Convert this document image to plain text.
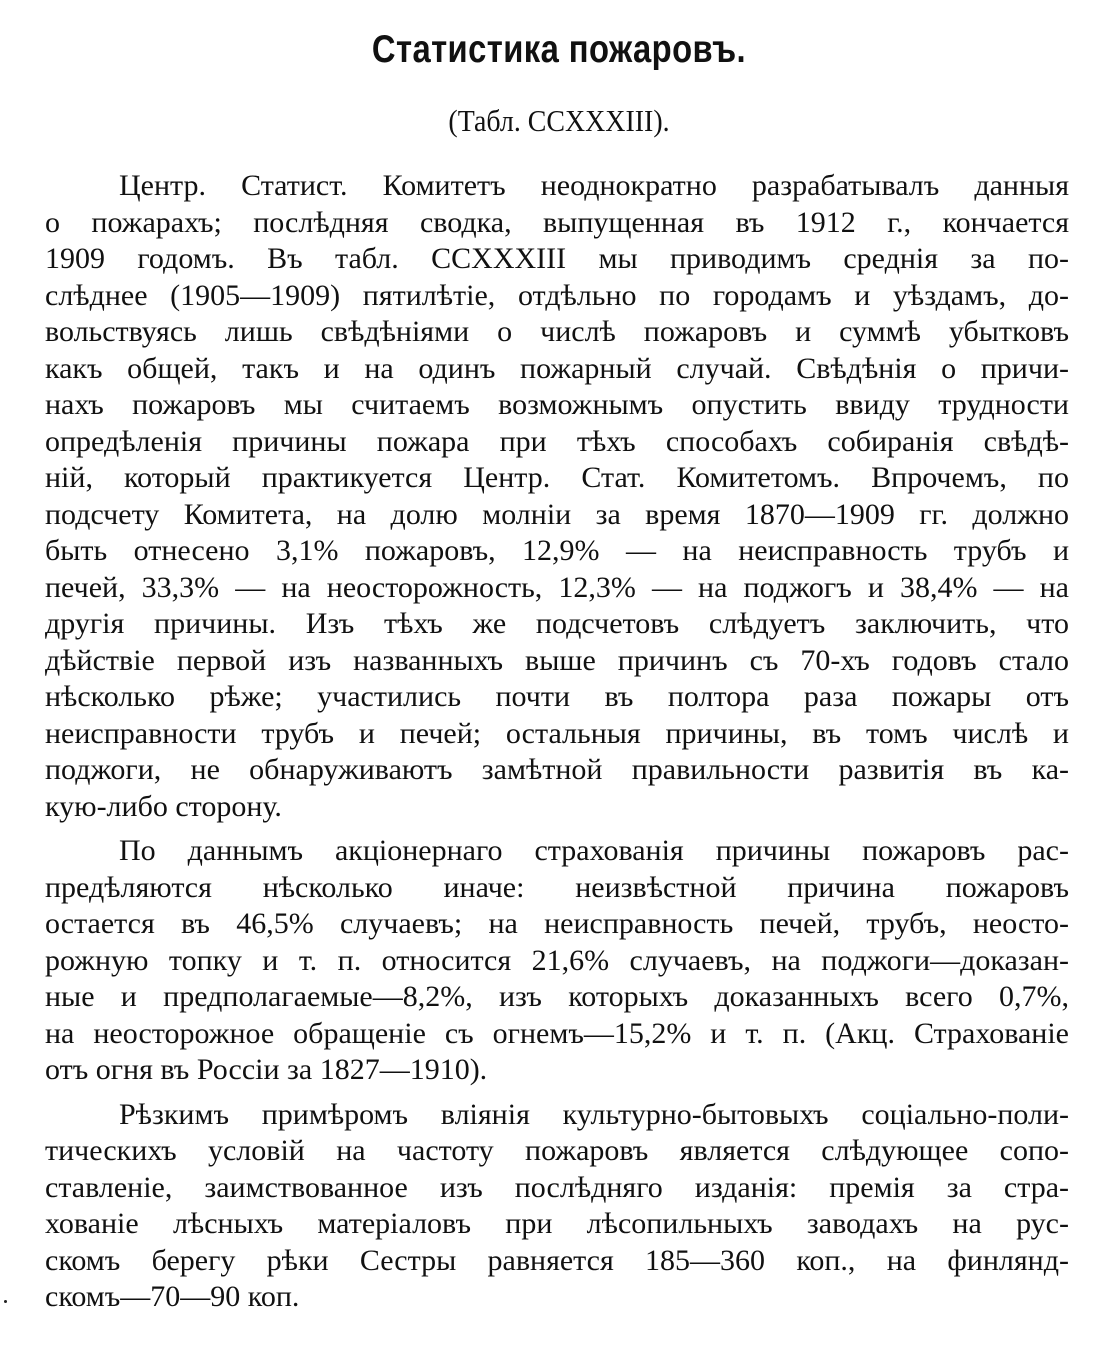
Статистика пожаровъ.
(Табл. CCXXXIII).
Центр. Статист. Комитетъ неоднократно разрабатывалъ данныя
о пожарахъ; послѣдняя сводка, выпущенная въ 1912 г., кончается
1909 годомъ. Въ табл. CCXXXIII мы приводимъ среднія за по-
слѣднее (1905—1909) пятилѣтіе, отдѣльно по городамъ и уѣздамъ, до-
вольствуясь лишь свѣдѣніями о числѣ пожаровъ и суммѣ убытковъ
какъ общей, такъ и на одинъ пожарный случай. Свѣдѣнія о причи-
нахъ пожаровъ мы считаемъ возможнымъ опустить ввиду трудности
опредѣленія причины пожара при тѣхъ способахъ собиранія свѣдѣ-
ній, который практикуется Центр. Стат. Комитетомъ. Впрочемъ, по
подсчету Комитета, на долю молніи за время 1870—1909 гг. должно
быть отнесено 3,1% пожаровъ, 12,9% — на неисправность трубъ и
печей, 33,3% — на неосторожность, 12,3% — на поджогъ и 38,4% — на
другія причины. Изъ тѣхъ же подсчетовъ слѣдуетъ заключить, что
дѣйствіе первой изъ названныхъ выше причинъ съ 70-хъ годовъ стало
нѣсколько рѣже; участились почти въ полтора раза пожары отъ
неисправности трубъ и печей; остальныя причины, въ томъ числѣ и
поджоги, не обнаруживаютъ замѣтной правильности развитія въ ка-
кую-либо сторону.
По даннымъ акціонернаго страхованія причины пожаровъ рас-
предѣляются нѣсколько иначе: неизвѣстной причина пожаровъ
остается въ 46,5% случаевъ; на неисправность печей, трубъ, неосто-
рожную топку и т. п. относится 21,6% случаевъ, на поджоги—доказан-
ные и предполагаемые—8,2%, изъ которыхъ доказанныхъ всего 0,7%,
на неосторожное обращеніе съ огнемъ—15,2% и т. п. (Акц. Страхованіе
отъ огня въ Россіи за 1827—1910).
Рѣзкимъ примѣромъ вліянія культурно-бытовыхъ соціально-поли-
тическихъ условій на частоту пожаровъ является слѣдующее сопо-
ставленіе, заимствованное изъ послѣдняго изданія: премія за стра-
хованіе лѣсныхъ матеріаловъ при лѣсопильныхъ заводахъ на рус-
скомъ берегу рѣки Сестры равняется 185—360 коп., на финлянд-
скомъ—70—90 коп.
